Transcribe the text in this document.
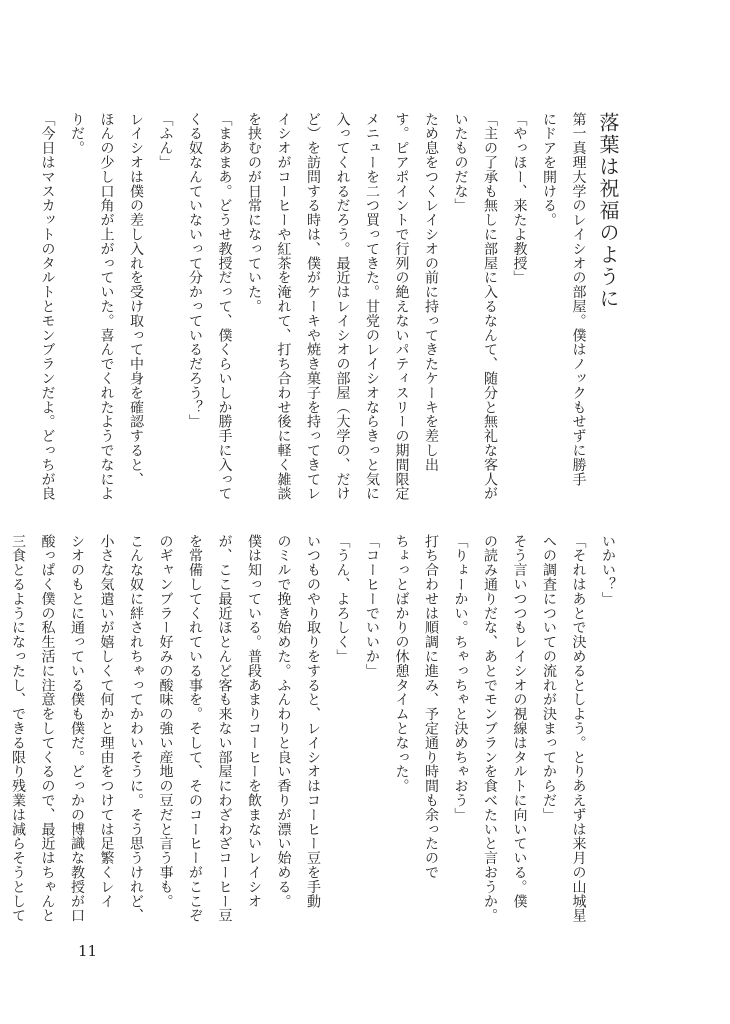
落葉は祝福のように

第一真理大学のレイシオの部屋。僕はノックもせずに勝手

にドアを開ける。

「やっほー、来たよ教授」

「主の了承も無しに部屋に入るなんて、随分と無礼な客人が

いたものだな」

ため息をつくレイシオの前に持ってきたケーキを差し出

す。ピアポイントで行列の絶えないパティスリーの期間限定

メニューを二つ買ってきた。甘党のレイシオならきっと気に

入ってくれるだろう。最近はレイシオの部屋（大学の、だけ

ど）を訪問する時は、僕がケーキや焼き菓子を持ってきてレ

イシオがコーヒーや紅茶を淹れて、打ち合わせ後に軽く雑談

を挟むのが日常になっていた。

「まあまあ。どうせ教授だって、僕くらいしか勝手に入って

くる奴なんていないって分かっているだろう？」

「ふん」

レイシオは僕の差し入れを受け取って中身を確認すると、

ほんの少し口角が上がっていた。喜んでくれたようでなによ

りだ。

「今日はマスカットのタルトとモンブランだよ。どっちが良

いかい？」

「それはあとで決めるとしよう。とりあえずは来月の山城星

への調査についての流れが決まってからだ」

そう言いつつもレイシオの視線はタルトに向いている。僕

の読み通りだな、あとでモンブランを食べたいと言おうか。

「りょーかい。ちゃっちゃと決めちゃおう」

打ち合わせは順調に進み、予定通り時間も余ったので

ちょっとばかりの休憩タイムとなった。

「コーヒーでいいか」

「うん、よろしく」

いつものやり取りをすると、レイシオはコーヒー豆を手動

のミルで挽き始めた。ふんわりと良い香りが漂い始める。

僕は知っている。普段あまりコーヒーを飲まないレイシオ

が、ここ最近ほとんど客も来ない部屋にわざわざコーヒー豆

を常備してくれている事を。そして、そのコーヒーがここぞ

のギャンブラー好みの酸味の強い産地の豆だと言う事も。

こんな奴に絆されちゃってかわいそうに。そう思うけれど、

小さな気遣いが嬉しくて何かと理由をつけては足繁くレイ

シオのもとに通っている僕も僕だ。どっかの博識な教授が口

酸っぱく僕の私生活に注意をしてくるので、最近はちゃんと

三食とるようになったし、できる限り残業は減らそうとして

11
